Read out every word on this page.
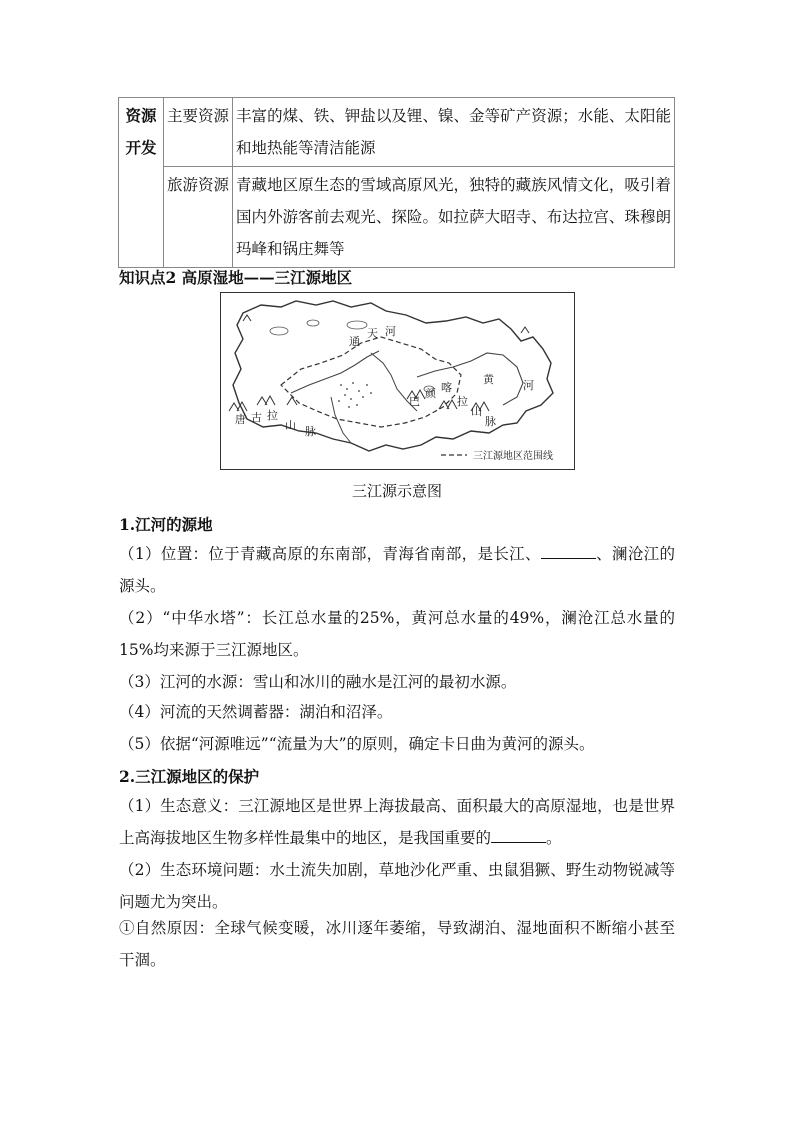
资源
开发	主要资源	丰富的煤、铁、钾盐以及锂、镍、金等矿产资源；水能、太阳能和地热能等清洁能源
	旅游资源	青藏地区原生态的雪域高原风光，独特的藏族风情文化，吸引着国内外游客前去观光、探险。如拉萨大昭寺、布达拉宫、珠穆朗玛峰和锅庄舞等
知识点2 高原湿地——三江源地区
三江源地区范围线
天
通
河
黄	河
唐 古 拉
山 脉
巴
颜 喀
拉
山
脉
三江源示意图
1.江河的源地
（1）位置：位于青藏高原的东南部，青海省南部，是长江、	、澜沧江的源头。
（2）“中华水塔”：长江总水量的25%，黄河总水量的49%，澜沧江总水量的15%均来源于三江源地区。
（3）江河的水源：雪山和冰川的融水是江河的最初水源。
（4）河流的天然调蓄器：湖泊和沼泽。
（5）依据“河源唯远”“流量为大”的原则，确定卡日曲为黄河的源头。
2.三江源地区的保护
（1）生态意义：三江源地区是世界上海拔最高、面积最大的高原湿地，也是世界上高海拔地区生物多样性最集中的地区，是我国重要的	。
（2）生态环境问题：水土流失加剧，草地沙化严重、虫鼠猖獗、野生动物锐减等问题尤为突出。
①自然原因：全球气候变暖，冰川逐年萎缩，导致湖泊、湿地面积不断缩小甚至干涸。
